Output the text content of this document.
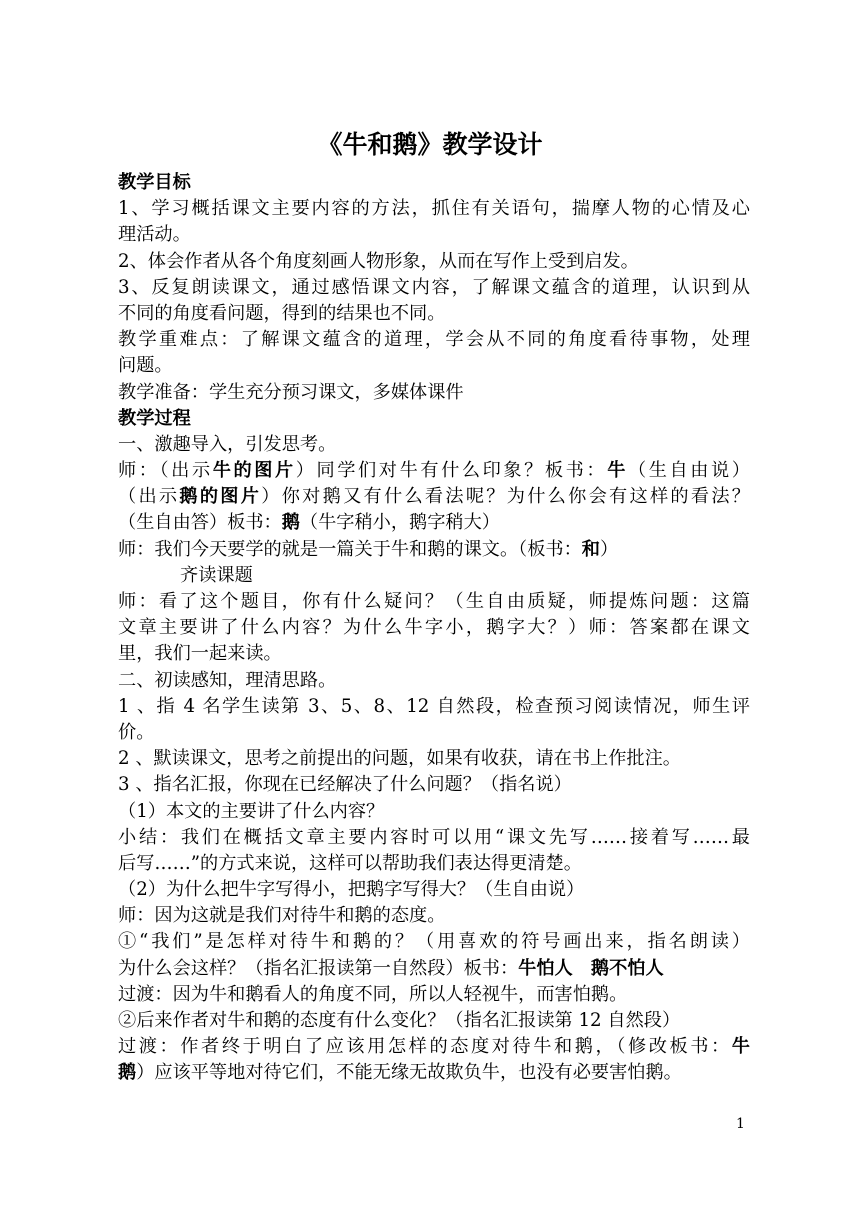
《牛和鹅》教学设计
教学目标
1、学习概括课文主要内容的方法，抓住有关语句，揣摩人物的心情及心
理活动。
2、体会作者从各个角度刻画人物形象，从而在写作上受到启发。
3、反复朗读课文，通过感悟课文内容，了解课文蕴含的道理，认识到从
不同的角度看问题，得到的结果也不同。
教学重难点：了解课文蕴含的道理，学会从不同的角度看待事物，处理
问题。
教学准备：学生充分预习课文，多媒体课件
教学过程
一、激趣导入，引发思考。
师：（出示牛的图片）同学们对牛有什么印象？板书：牛（生自由说）
（出示鹅的图片）你对鹅又有什么看法呢？为什么你会有这样的看法？
（生自由答）板书：鹅（牛字稍小，鹅字稍大）
师：我们今天要学的就是一篇关于牛和鹅的课文。（板书：和）
齐读课题
师：看了这个题目，你有什么疑问？（生自由质疑，师提炼问题：这篇
文章主要讲了什么内容？为什么牛字小，鹅字大？）师：答案都在课文
里，我们一起来读。
二、初读感知，理清思路。
1 、指 4 名学生读第 3、5、8、12 自然段，检查预习阅读情况，师生评
价。
2 、默读课文，思考之前提出的问题，如果有收获，请在书上作批注。
3 、指名汇报，你现在已经解决了什么问题？（指名说）
（1）本文的主要讲了什么内容？
小结：我们在概括文章主要内容时可以用“课文先写……接着写……最
后写……”的方式来说，这样可以帮助我们表达得更清楚。
（2）为什么把牛字写得小，把鹅字写得大？（生自由说）
师：因为这就是我们对待牛和鹅的态度。
①“我们”是怎样对待牛和鹅的？（用喜欢的符号画出来，指名朗读）
为什么会这样？（指名汇报读第一自然段）板书：牛怕人　鹅不怕人
过渡：因为牛和鹅看人的角度不同，所以人轻视牛，而害怕鹅。
②后来作者对牛和鹅的态度有什么变化？（指名汇报读第 12 自然段）
过渡：作者终于明白了应该用怎样的态度对待牛和鹅，（修改板书：牛
鹅）应该平等地对待它们，不能无缘无故欺负牛，也没有必要害怕鹅。
1
